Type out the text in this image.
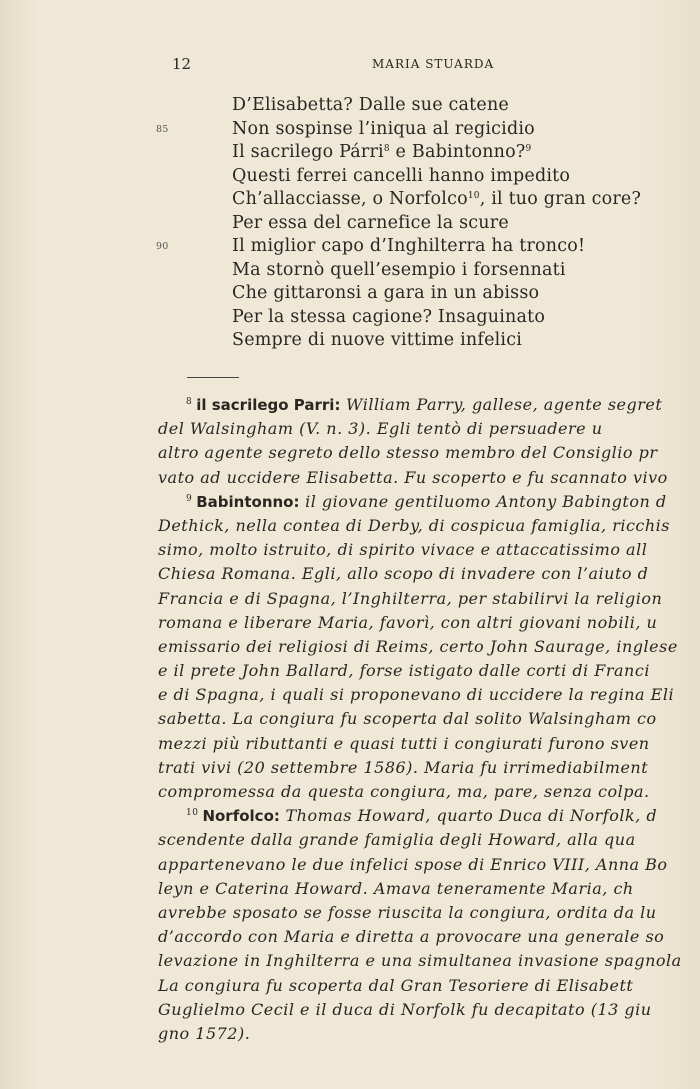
12	MARIA STUARDA
D’Elisabetta? Dalle sue catene
85	Non sospinse l’iniqua al regicidio
Il sacrilego Párri$^8$ e Babintonno?$^9$
Questi ferrei cancelli hanno impedito
Ch’allacciasse, o Norfolco$^{10}$, il tuo gran core?
Per essa del carnefice la scure
90	Il miglior capo d’Inghilterra ha tronco!
Ma stornò quell’esempio i forsennati
Che gittaronsi a gara in un abisso
Per la stessa cagione? Insaguinato
Sempre di nuove vittime infelici
$^8$ il sacrilego Parri: William Parry, gallese, agente segret
del Walsingham (V. n. 3). Egli tentò di persuadere u
altro agente segreto dello stesso membro del Consiglio pr
vato ad uccidere Elisabetta. Fu scoperto e fu scannato vivo
$^9$ Babintonno: il giovane gentiluomo Antony Babington d
Dethick, nella contea di Derby, di cospicua famiglia, ricchis
simo, molto istruito, di spirito vivace e attaccatissimo all
Chiesa Romana. Egli, allo scopo di invadere con l’aiuto d
Francia e di Spagna, l’Inghilterra, per stabilirvi la religion
romana e liberare Maria, favorì, con altri giovani nobili, u
emissario dei religiosi di Reims, certo John Saurage, inglese
e il prete John Ballard, forse istigato dalle corti di Franci
e di Spagna, i quali si proponevano di uccidere la regina Eli
sabetta. La congiura fu scoperta dal solito Walsingham co
mezzi più ributtanti e quasi tutti i congiurati furono sven
trati vivi (20 settembre 1586). Maria fu irrimediabilment
compromessa da questa congiura, ma, pare, senza colpa.
$^{10}$ Norfolco: Thomas Howard, quarto Duca di Norfolk, d
scendente dalla grande famiglia degli Howard, alla qua
appartenevano le due infelici spose di Enrico VIII, Anna Bo
leyn e Caterina Howard. Amava teneramente Maria, ch
avrebbe sposato se fosse riuscita la congiura, ordita da lu
d’accordo con Maria e diretta a provocare una generale so
levazione in Inghilterra e una simultanea invasione spagnola
La congiura fu scoperta dal Gran Tesoriere di Elisabett
Guglielmo Cecil e il duca di Norfolk fu decapitato (13 giu
gno 1572).
